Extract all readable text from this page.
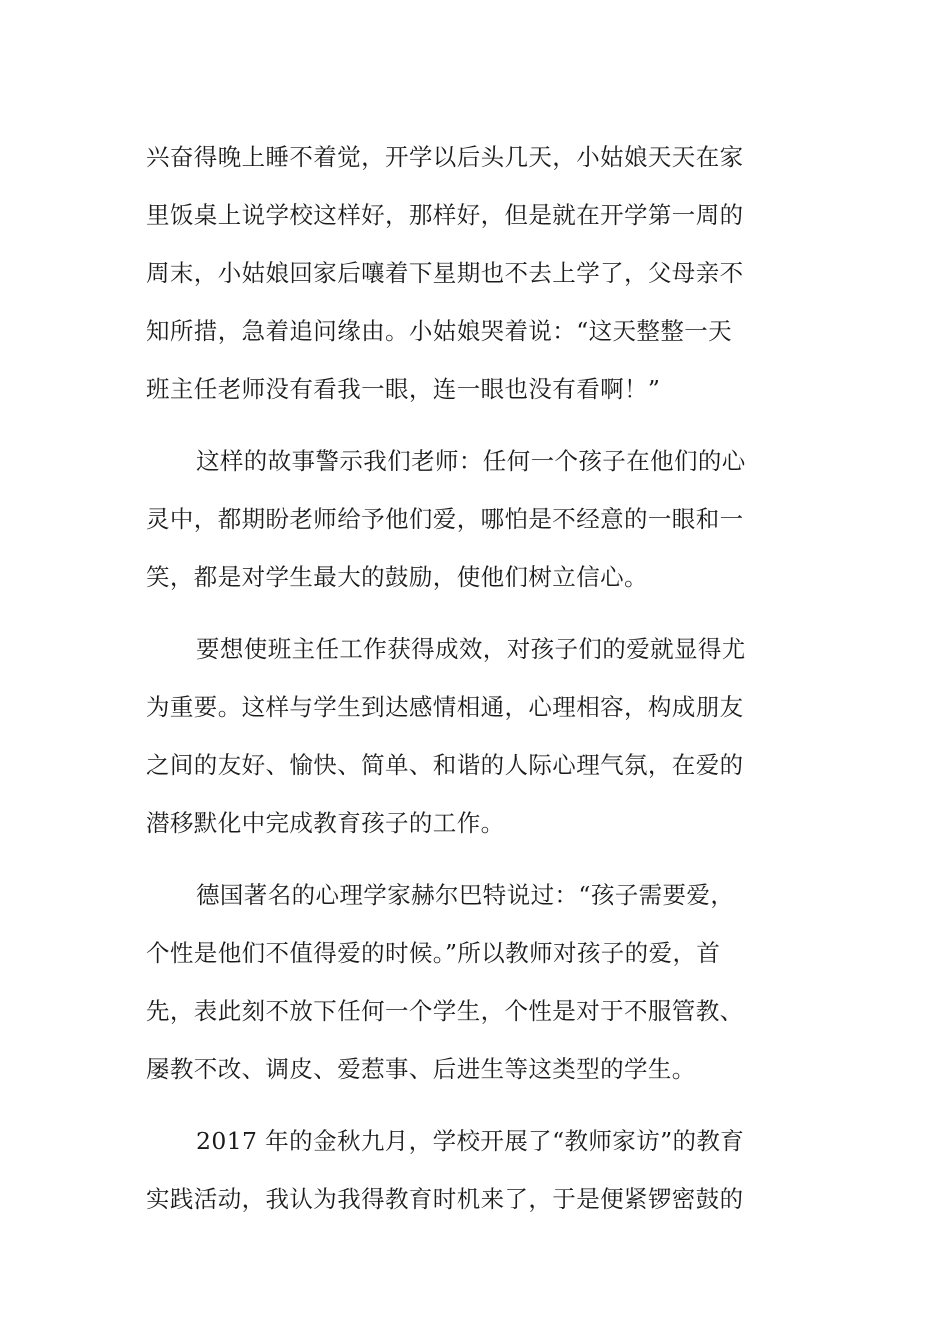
兴奋得晚上睡不着觉，开学以后头几天，小姑娘天天在家
里饭桌上说学校这样好，那样好，但是就在开学第一周的
周末，小姑娘回家后嚷着下星期也不去上学了，父母亲不
知所措，急着追问缘由。小姑娘哭着说：“这天整整一天
班主任老师没有看我一眼，连一眼也没有看啊！”
这样的故事警示我们老师：任何一个孩子在他们的心
灵中，都期盼老师给予他们爱，哪怕是不经意的一眼和一
笑，都是对学生最大的鼓励，使他们树立信心。
要想使班主任工作获得成效，对孩子们的爱就显得尤
为重要。这样与学生到达感情相通，心理相容，构成朋友
之间的友好、愉快、简单、和谐的人际心理气氛，在爱的
潜移默化中完成教育孩子的工作。
德国著名的心理学家赫尔巴特说过：“孩子需要爱，
个性是他们不值得爱的时候。”所以教师对孩子的爱，首
先，表此刻不放下任何一个学生，个性是对于不服管教、
屡教不改、调皮、爱惹事、后进生等这类型的学生。
2017 年的金秋九月，学校开展了“教师家访”的教育
实践活动，我认为我得教育时机来了，于是便紧锣密鼓的
